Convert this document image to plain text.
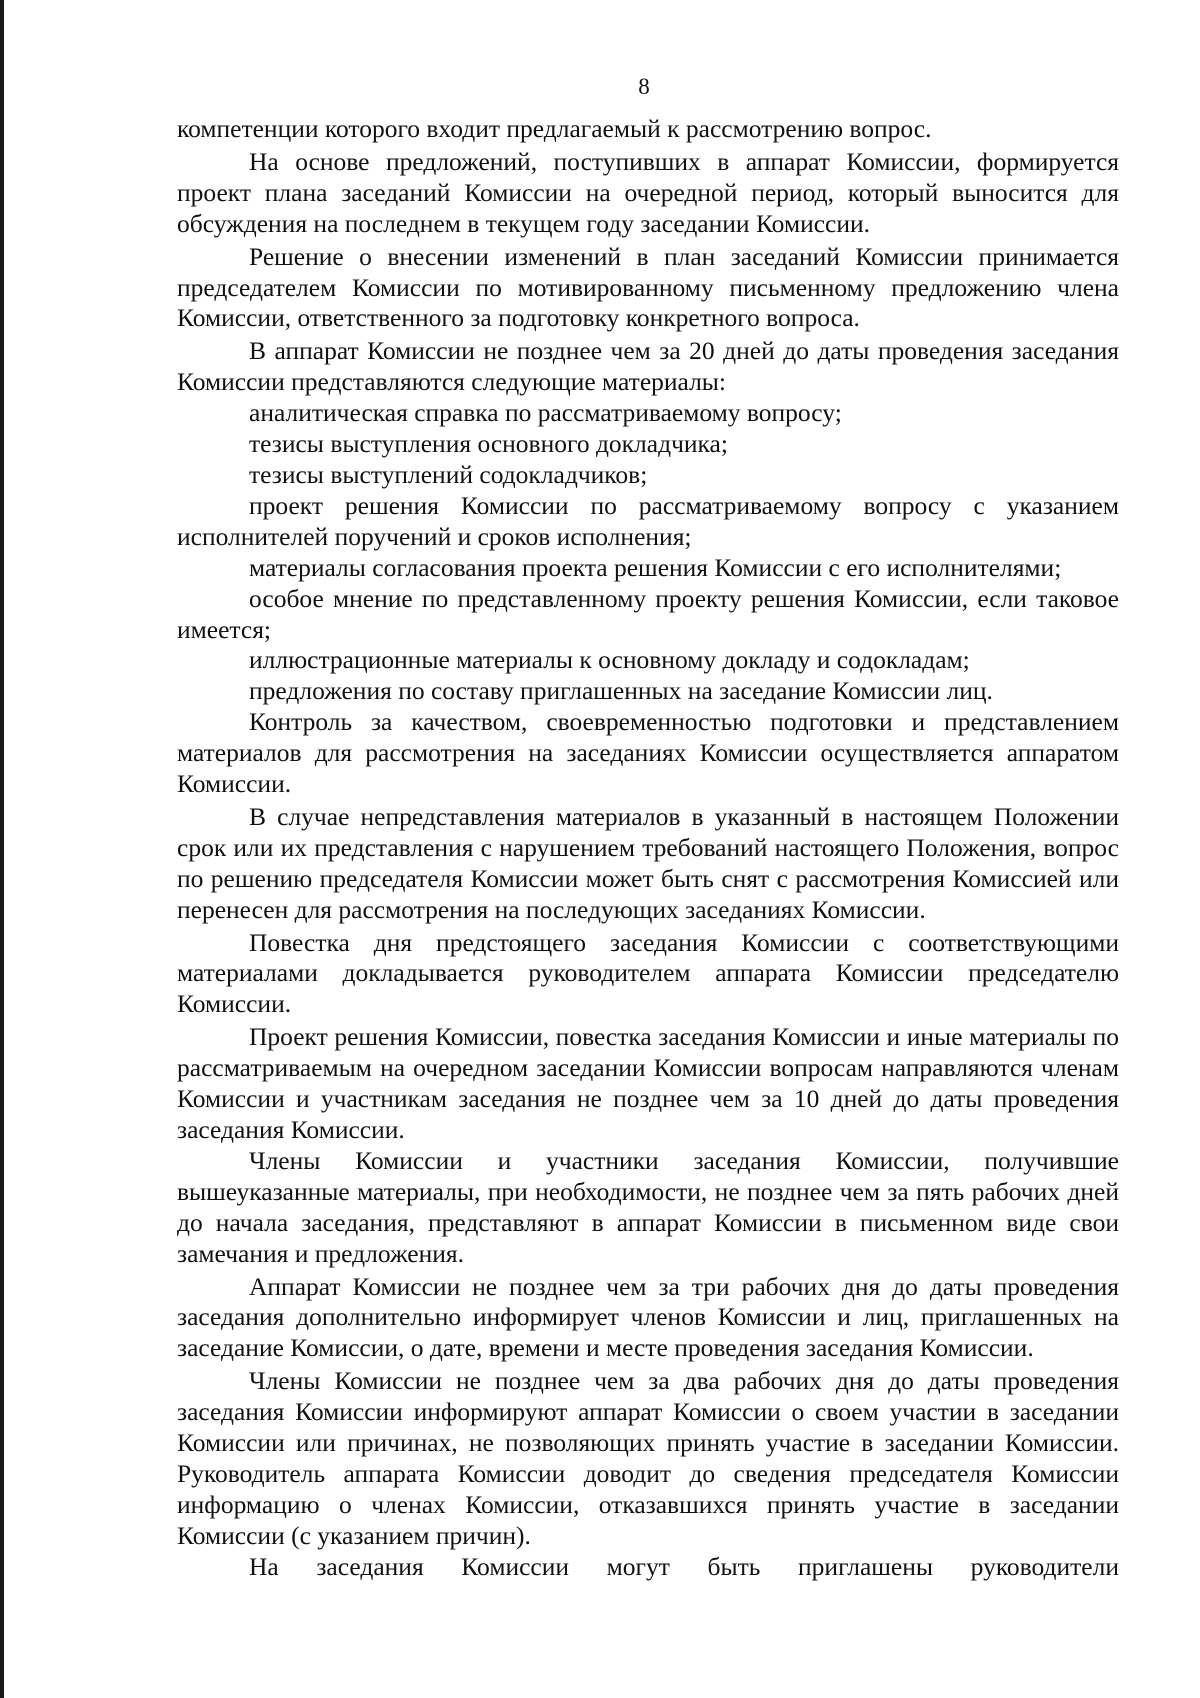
8

компетенции которого входит предлагаемый к рассмотрению вопрос.

На основе предложений, поступивших в аппарат Комиссии, формируется проект плана заседаний Комиссии на очередной период, который выносится для обсуждения на последнем в текущем году заседании Комиссии.

Решение о внесении изменений в план заседаний Комиссии принимается председателем Комиссии по мотивированному письменному предложению члена Комиссии, ответственного за подготовку конкретного вопроса.

В аппарат Комиссии не позднее чем за 20 дней до даты проведения заседания Комиссии представляются следующие материалы:

аналитическая справка по рассматриваемому вопросу;

тезисы выступления основного докладчика;

тезисы выступлений содокладчиков;

проект решения Комиссии по рассматриваемому вопросу с указанием исполнителей поручений и сроков исполнения;

материалы согласования проекта решения Комиссии с его исполнителями;

особое мнение по представленному проекту решения Комиссии, если таковое имеется;

иллюстрационные материалы к основному докладу и содокладам;

предложения по составу приглашенных на заседание Комиссии лиц.

Контроль за качеством, своевременностью подготовки и представлением материалов для рассмотрения на заседаниях Комиссии осуществляется аппаратом Комиссии.

В случае непредставления материалов в указанный в настоящем Положении срок или их представления с нарушением требований настоящего Положения, вопрос по решению председателя Комиссии может быть снят с рассмотрения Комиссией или перенесен для рассмотрения на последующих заседаниях Комиссии.

Повестка дня предстоящего заседания Комиссии с соответствующими материалами докладывается руководителем аппарата Комиссии председателю Комиссии.

Проект решения Комиссии, повестка заседания Комиссии и иные материалы по рассматриваемым на очередном заседании Комиссии вопросам направляются членам Комиссии и участникам заседания не позднее чем за 10 дней до даты проведения заседания Комиссии.

Члены Комиссии и участники заседания Комиссии, получившие вышеуказанные материалы, при необходимости, не позднее чем за пять рабочих дней до начала заседания, представляют в аппарат Комиссии в письменном виде свои замечания и предложения.

Аппарат Комиссии не позднее чем за три рабочих дня до даты проведения заседания дополнительно информирует членов Комиссии и лиц, приглашенных на заседание Комиссии, о дате, времени и месте проведения заседания Комиссии.

Члены Комиссии не позднее чем за два рабочих дня до даты проведения заседания Комиссии информируют аппарат Комиссии о своем участии в заседании Комиссии или причинах, не позволяющих принять участие в заседании Комиссии. Руководитель аппарата Комиссии доводит до сведения председателя Комиссии информацию о членах Комиссии, отказавшихся принять участие в заседании Комиссии (с указанием причин).

На заседания Комиссии могут быть приглашены руководители
